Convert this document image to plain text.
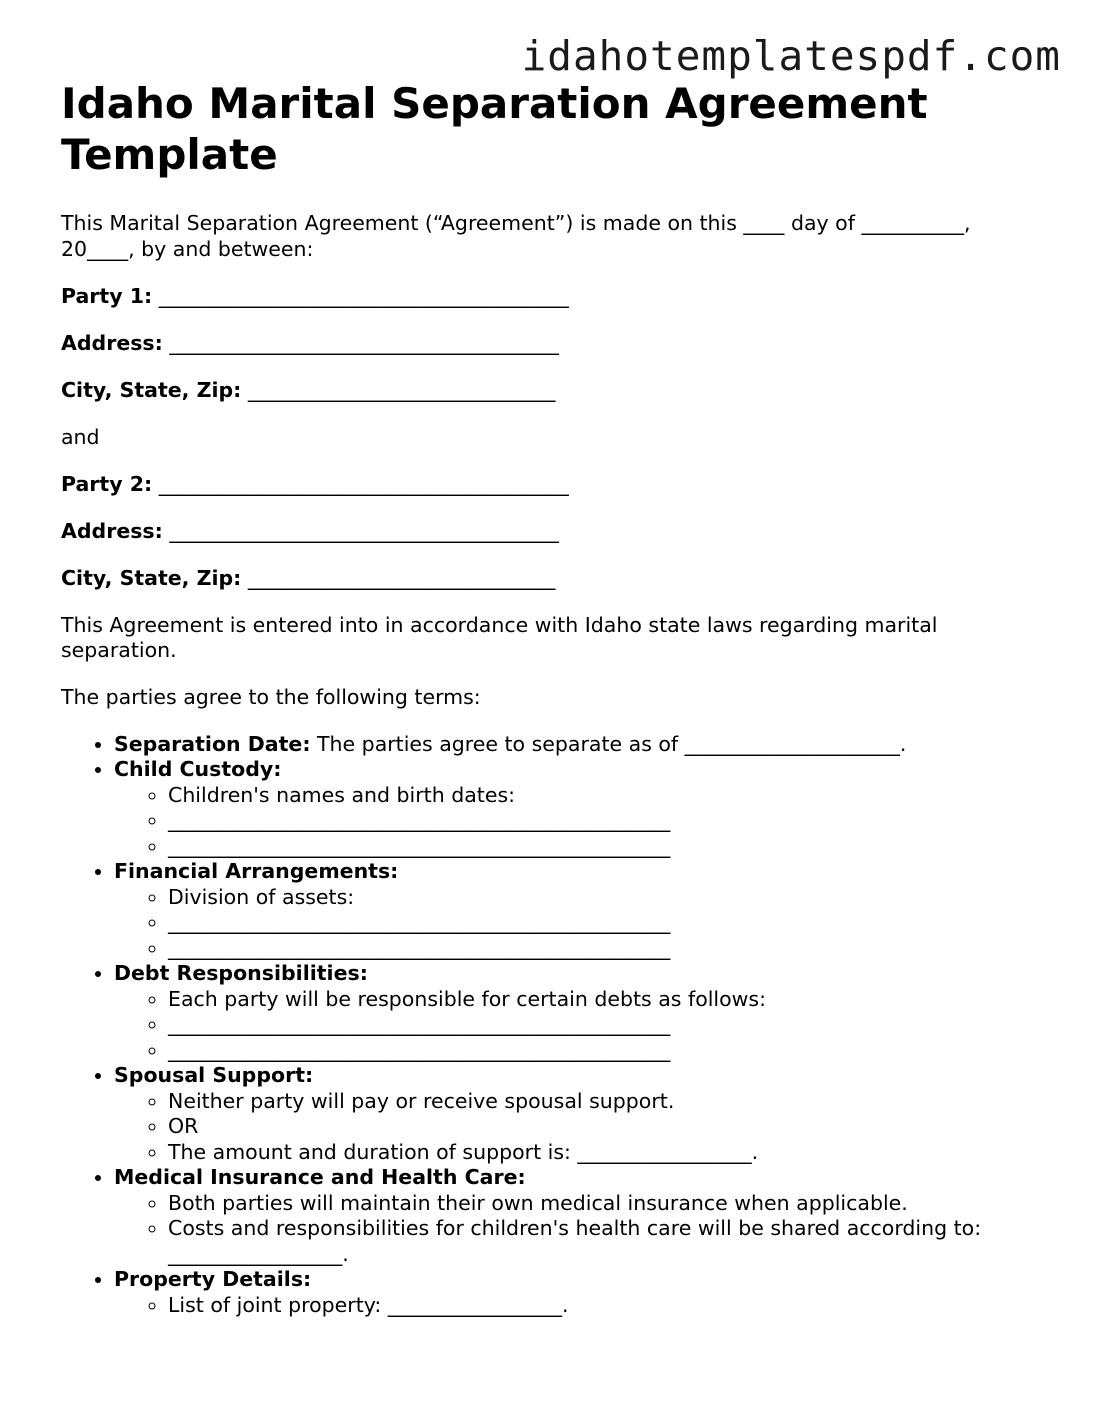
idahotemplatespdf.com
Idaho Marital Separation Agreement Template

This Marital Separation Agreement (“Agreement”) is made on this ____ day of __________,
20____, by and between:

Party 1: ________________________________________

Address: ______________________________________

City, State, Zip: ______________________________

and

Party 2: ________________________________________

Address: ______________________________________

City, State, Zip: ______________________________

This Agreement is entered into in accordance with Idaho state laws regarding marital
separation.

The parties agree to the following terms:

• Separation Date: The parties agree to separate as of _____________________.
• Child Custody:
◦ Children's names and birth dates:
◦ _________________________________________________
◦ _________________________________________________
• Financial Arrangements:
◦ Division of assets:
◦ _________________________________________________
◦ _________________________________________________
• Debt Responsibilities:
◦ Each party will be responsible for certain debts as follows:
◦ _________________________________________________
◦ _________________________________________________
• Spousal Support:
◦ Neither party will pay or receive spousal support.
◦ OR
◦ The amount and duration of support is: _________________.
• Medical Insurance and Health Care:
◦ Both parties will maintain their own medical insurance when applicable.
◦ Costs and responsibilities for children's health care will be shared according to:
_________________.
• Property Details:
◦ List of joint property: _________________.
